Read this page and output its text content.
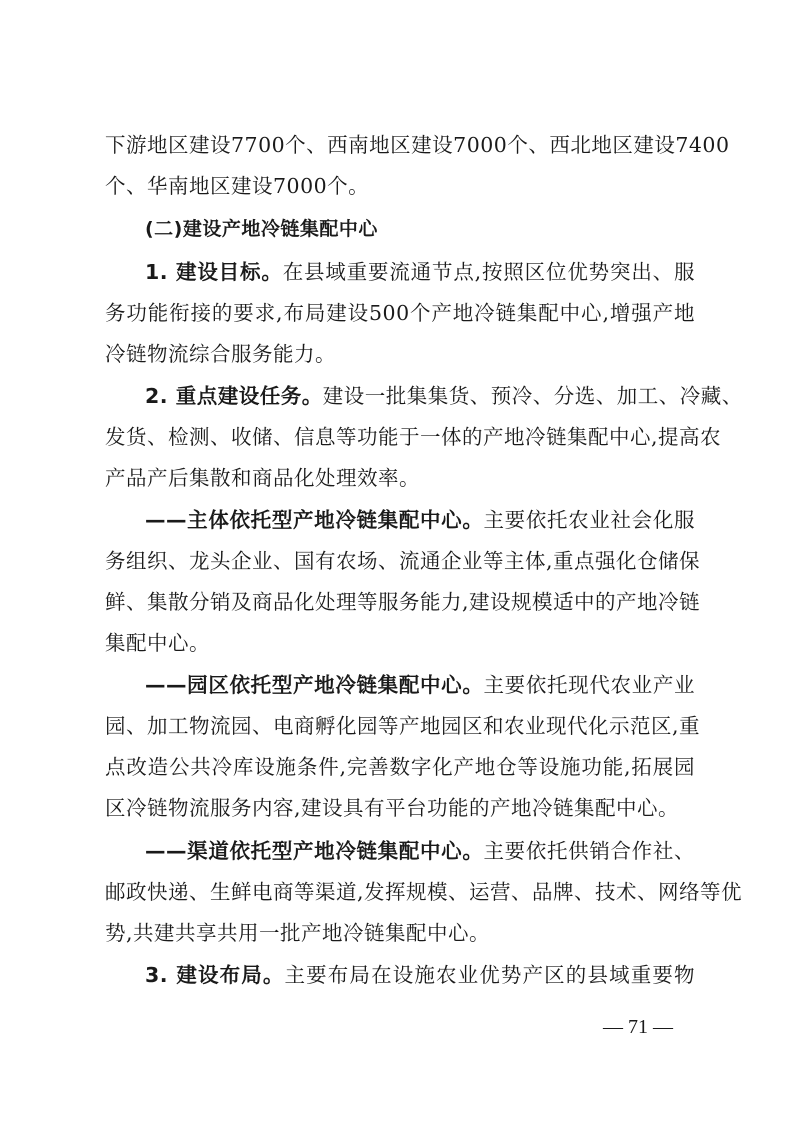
下游地区建设7700个、西南地区建设7000个、西北地区建设7400
个、华南地区建设7000个。
(二)建设产地冷链集配中心
1. 建设目标。在县域重要流通节点,按照区位优势突出、服
务功能衔接的要求,布局建设500个产地冷链集配中心,增强产地
冷链物流综合服务能力。
2. 重点建设任务。建设一批集集货、预冷、分选、加工、冷藏、
发货、检测、收储、信息等功能于一体的产地冷链集配中心,提高农
产品产后集散和商品化处理效率。
——主体依托型产地冷链集配中心。主要依托农业社会化服
务组织、龙头企业、国有农场、流通企业等主体,重点强化仓储保
鲜、集散分销及商品化处理等服务能力,建设规模适中的产地冷链
集配中心。
——园区依托型产地冷链集配中心。主要依托现代农业产业
园、加工物流园、电商孵化园等产地园区和农业现代化示范区,重
点改造公共冷库设施条件,完善数字化产地仓等设施功能,拓展园
区冷链物流服务内容,建设具有平台功能的产地冷链集配中心。
——渠道依托型产地冷链集配中心。主要依托供销合作社、
邮政快递、生鲜电商等渠道,发挥规模、运营、品牌、技术、网络等优
势,共建共享共用一批产地冷链集配中心。
3. 建设布局。主要布局在设施农业优势产区的县域重要物
— 71 —
